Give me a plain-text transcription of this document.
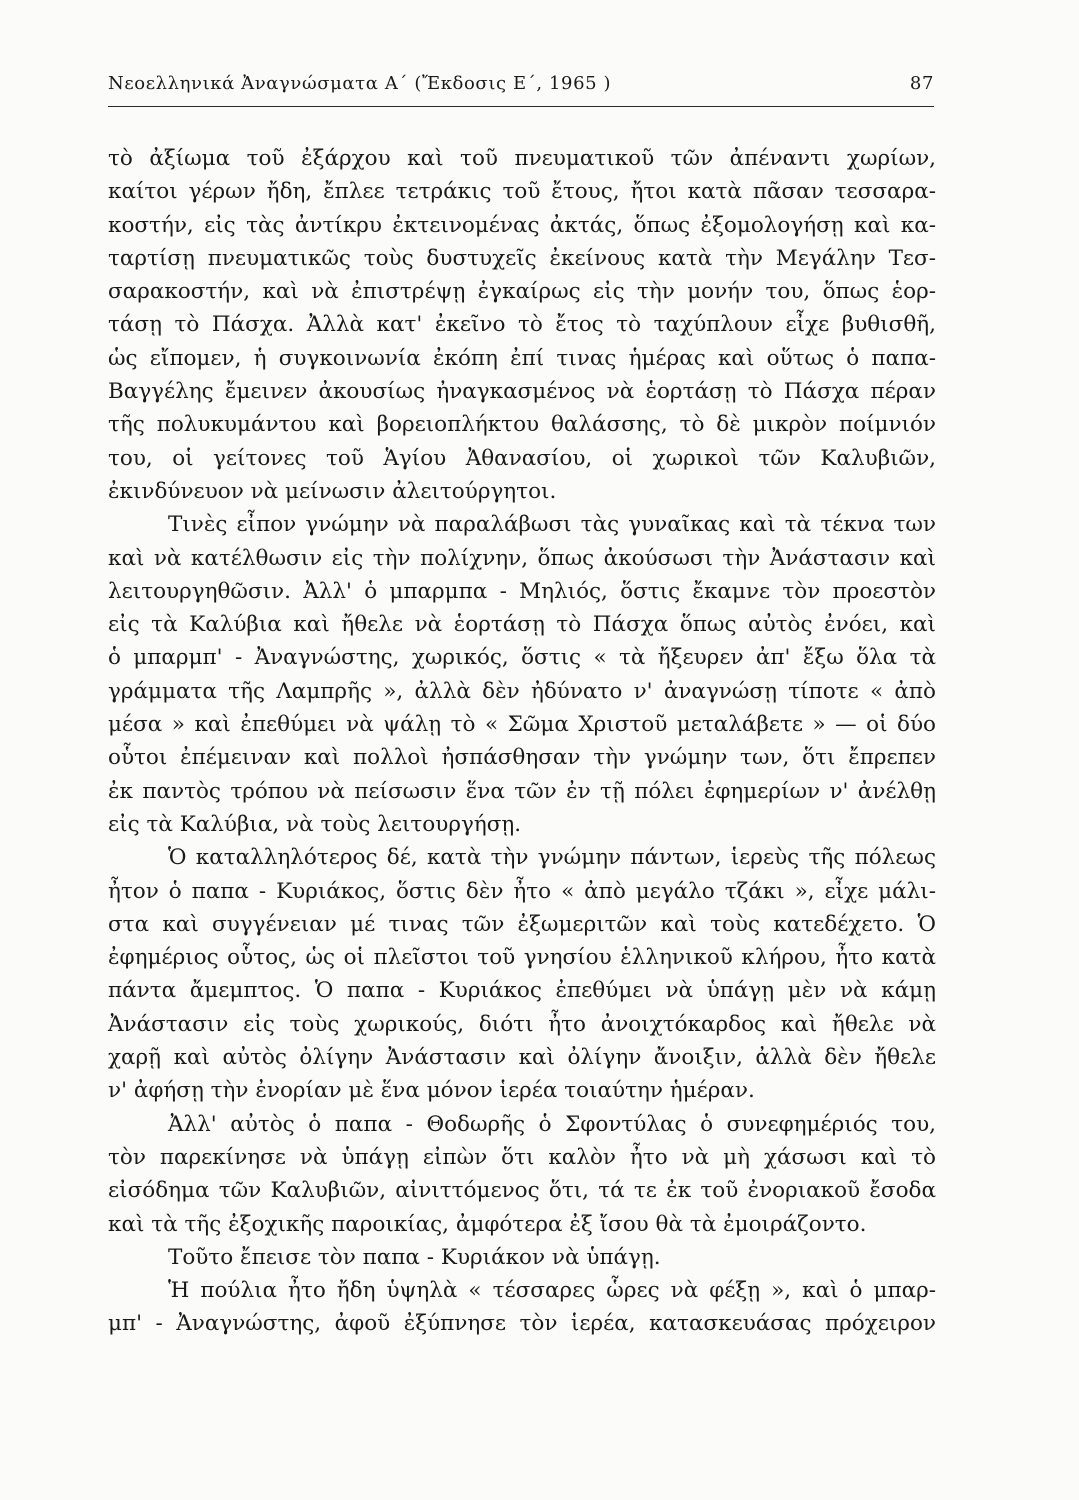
Νεοελληνικά Ἀναγνώσματα Α΄ (Ἔκδοσις Ε΄, 1965 )	87
τὸ ἀξίωμα τοῦ ἐξάρχου καὶ τοῦ πνευματικοῦ τῶν ἀπέναντι χωρίων,
καίτοι γέρων ἤδη, ἔπλεε τετράκις τοῦ ἔτους, ἤτοι κατὰ πᾶσαν τεσσαρα-
κοστήν, εἰς τὰς ἀντίκρυ ἐκτεινομένας ἀκτάς, ὅπως ἐξομολογήσῃ καὶ κα-
ταρτίσῃ πνευματικῶς τοὺς δυστυχεῖς ἐκείνους κατὰ τὴν Μεγάλην Τεσ-
σαρακοστήν, καὶ νὰ ἐπιστρέψῃ ἐγκαίρως εἰς τὴν μονήν του, ὅπως ἑορ-
τάσῃ τὸ Πάσχα. Ἀλλὰ κατ' ἐκεῖνο τὸ ἔτος τὸ ταχύπλουν εἶχε βυθισθῆ,
ὡς εἴπομεν, ἡ συγκοινωνία ἐκόπη ἐπί τινας ἡμέρας καὶ οὕτως ὁ παπα-
Βαγγέλης ἔμεινεν ἀκουσίως ἠναγκασμένος νὰ ἑορτάσῃ τὸ Πάσχα πέραν
τῆς πολυκυμάντου καὶ βορειοπλήκτου θαλάσσης, τὸ δὲ μικρὸν ποίμνιόν
του, οἱ γείτονες τοῦ Ἁγίου Ἀθανασίου, οἱ χωρικοὶ τῶν Καλυβιῶν,
ἐκινδύνευον νὰ μείνωσιν ἀλειτούργητοι.
Τινὲς εἶπον γνώμην νὰ παραλάβωσι τὰς γυναῖκας καὶ τὰ τέκνα των
καὶ νὰ κατέλθωσιν εἰς τὴν πολίχνην, ὅπως ἀκούσωσι τὴν Ἀνάστασιν καὶ
λειτουργηθῶσιν. Ἀλλ' ὁ μπαρμπα - Μηλιός, ὅστις ἔκαμνε τὸν προεστὸν
εἰς τὰ Καλύβια καὶ ἤθελε νὰ ἑορτάσῃ τὸ Πάσχα ὅπως αὐτὸς ἐνόει, καὶ
ὁ μπαρμπ' - Ἀναγνώστης, χωρικός, ὅστις « τὰ ἤξευρεν ἀπ' ἔξω ὅλα τὰ
γράμματα τῆς Λαμπρῆς », ἀλλὰ δὲν ἠδύνατο ν' ἀναγνώσῃ τίποτε « ἀπὸ
μέσα » καὶ ἐπεθύμει νὰ ψάλῃ τὸ « Σῶμα Χριστοῦ μεταλάβετε » — οἱ δύο
οὗτοι ἐπέμειναν καὶ πολλοὶ ἠσπάσθησαν τὴν γνώμην των, ὅτι ἔπρεπεν
ἐκ παντὸς τρόπου νὰ πείσωσιν ἕνα τῶν ἐν τῇ πόλει ἐφημερίων ν' ἀνέλθῃ
εἰς τὰ Καλύβια, νὰ τοὺς λειτουργήσῃ.
Ὁ καταλληλότερος δέ, κατὰ τὴν γνώμην πάντων, ἱερεὺς τῆς πόλεως
ἦτον ὁ παπα - Κυριάκος, ὅστις δὲν ἦτο « ἀπὸ μεγάλο τζάκι », εἶχε μάλι-
στα καὶ συγγένειαν μέ τινας τῶν ἐξωμεριτῶν καὶ τοὺς κατεδέχετο. Ὁ
ἐφημέριος οὗτος, ὡς οἱ πλεῖστοι τοῦ γνησίου ἑλληνικοῦ κλήρου, ἦτο κατὰ
πάντα ἄμεμπτος. Ὁ παπα - Κυριάκος ἐπεθύμει νὰ ὑπάγῃ μὲν νὰ κάμῃ
Ἀνάστασιν εἰς τοὺς χωρικούς, διότι ἦτο ἀνοιχτόκαρδος καὶ ἤθελε νὰ
χαρῇ καὶ αὐτὸς ὀλίγην Ἀνάστασιν καὶ ὀλίγην ἄνοιξιν, ἀλλὰ δὲν ἤθελε
ν' ἀφήσῃ τὴν ἐνορίαν μὲ ἕνα μόνον ἱερέα τοιαύτην ἡμέραν.
Ἀλλ' αὐτὸς ὁ παπα - Θοδωρῆς ὁ Σφοντύλας ὁ συνεφημέριός του,
τὸν παρεκίνησε νὰ ὑπάγῃ εἰπὼν ὅτι καλὸν ἦτο νὰ μὴ χάσωσι καὶ τὸ
εἰσόδημα τῶν Καλυβιῶν, αἰνιττόμενος ὅτι, τά τε ἐκ τοῦ ἐνοριακοῦ ἔσοδα
καὶ τὰ τῆς ἐξοχικῆς παροικίας, ἀμφότερα ἐξ ἴσου θὰ τὰ ἐμοιράζοντο.
Τοῦτο ἔπεισε τὸν παπα - Κυριάκον νὰ ὑπάγῃ.
Ἡ πούλια ἦτο ἤδη ὑψηλὰ « τέσσαρες ὧρες νὰ φέξῃ », καὶ ὁ μπαρ-
μπ' - Ἀναγνώστης, ἀφοῦ ἐξύπνησε τὸν ἱερέα, κατασκευάσας πρόχειρον
